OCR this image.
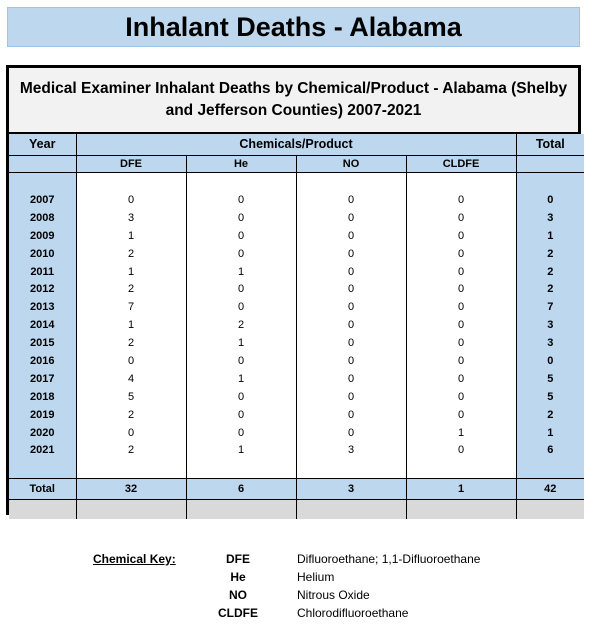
Inhalant Deaths - Alabama
Medical Examiner Inhalant Deaths by Chemical/Product - Alabama (Shelby and Jefferson Counties) 2007-2021
Year	Chemicals/Product				Total
	DFE	He	NO	CLDFE	

2007	0	0	0	0	0
2008	3	0	0	0	3
2009	1	0	0	0	1
2010	2	0	0	0	2
2011	1	1	0	0	2
2012	2	0	0	0	2
2013	7	0	0	0	7
2014	1	2	0	0	3
2015	2	1	0	0	3
2016	0	0	0	0	0
2017	4	1	0	0	5
2018	5	0	0	0	5
2019	2	0	0	0	2
2020	0	0	0	1	1
2021	2	1	3	0	6

Total	32	6	3	1	42

Chemical Key:	DFE	Difluoroethane; 1,1-Difluoroethane
He	Helium
NO	Nitrous Oxide
CLDFE	Chlorodifluoroethane
